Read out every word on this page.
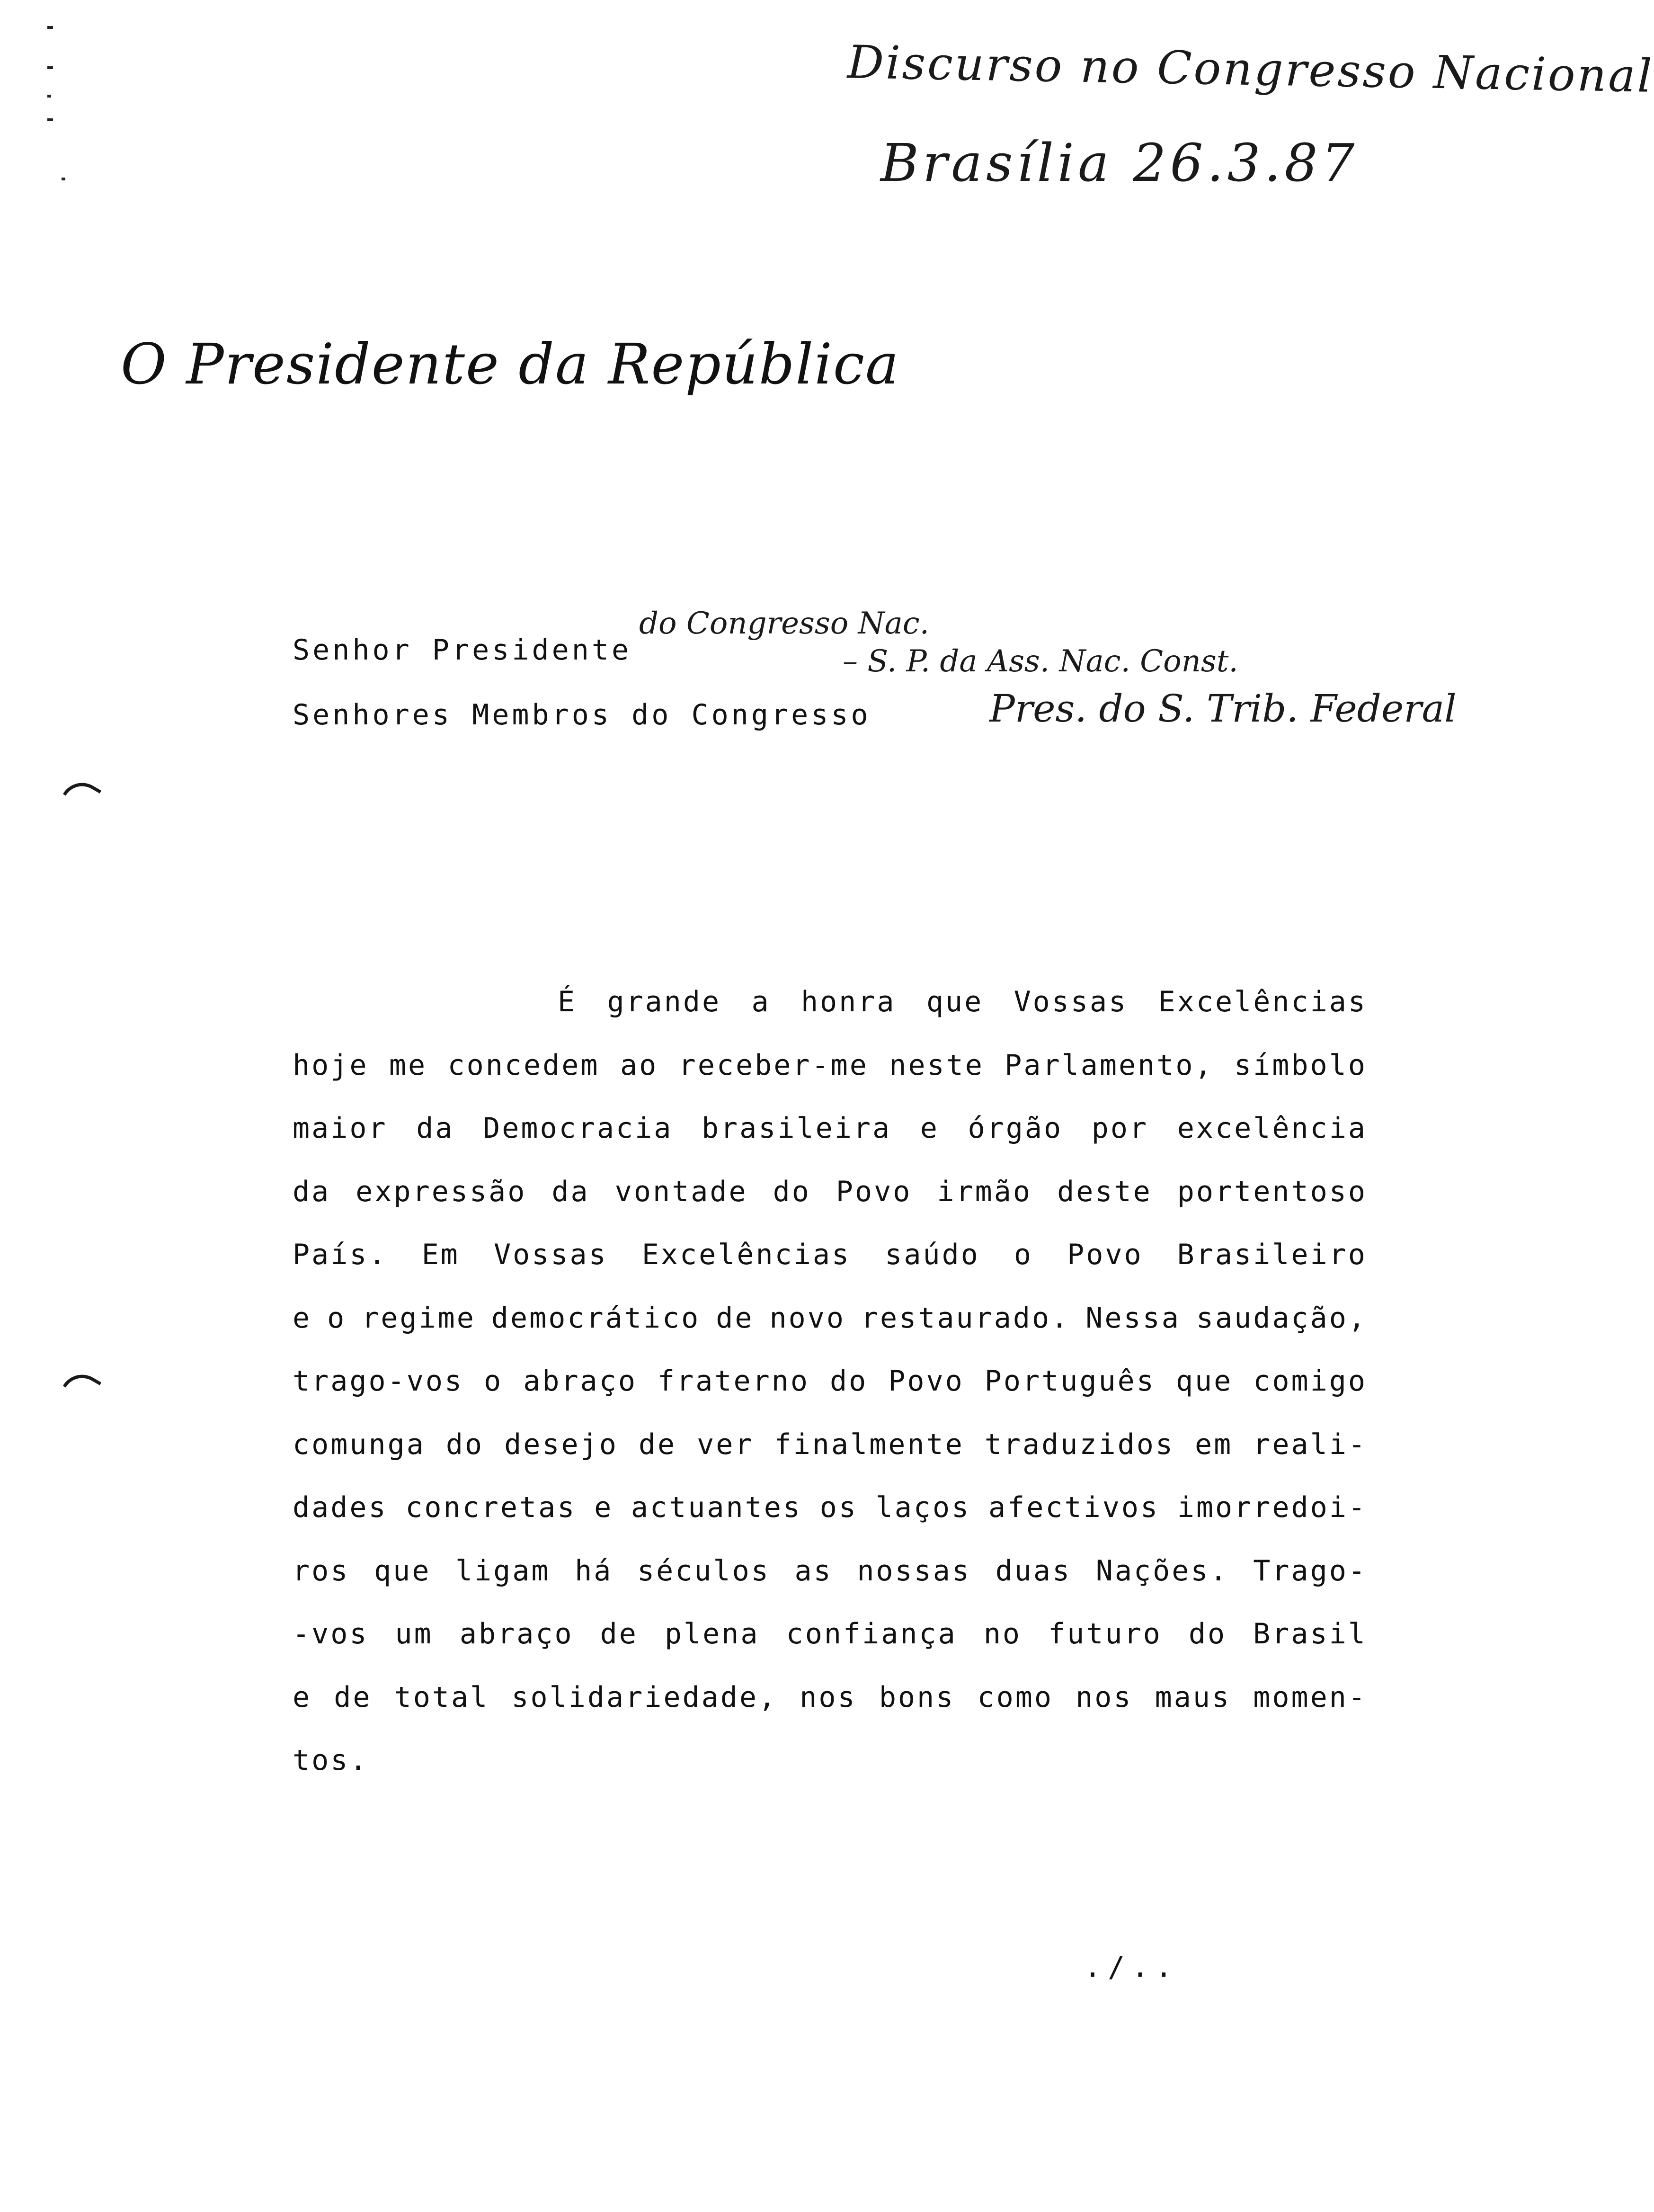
Discurso no Congresso Nacional
Brasília 26.3.87
O Presidente da República
Senhor Presidente
Senhores Membros do Congresso
do Congresso Nac.
– S. P. da Ass. Nac. Const.
Pres. do S. Trib. Federal
É grande a honra que Vossas Excelências
hoje me concedem ao receber-me neste Parlamento, símbolo
maior da Democracia brasileira e órgão por excelência
da expressão da vontade do Povo irmão deste portentoso
País. Em Vossas Excelências saúdo o Povo Brasileiro
e o regime democrático de novo restaurado. Nessa saudação,
trago-vos o abraço fraterno do Povo Português que comigo
comunga do desejo de ver finalmente traduzidos em reali-
dades concretas e actuantes os laços afectivos imorredoi-
ros que ligam há séculos as nossas duas Nações. Trago-
-vos um abraço de plena confiança no futuro do Brasil
e de total solidariedade, nos bons como nos maus momen-
tos.
./..
